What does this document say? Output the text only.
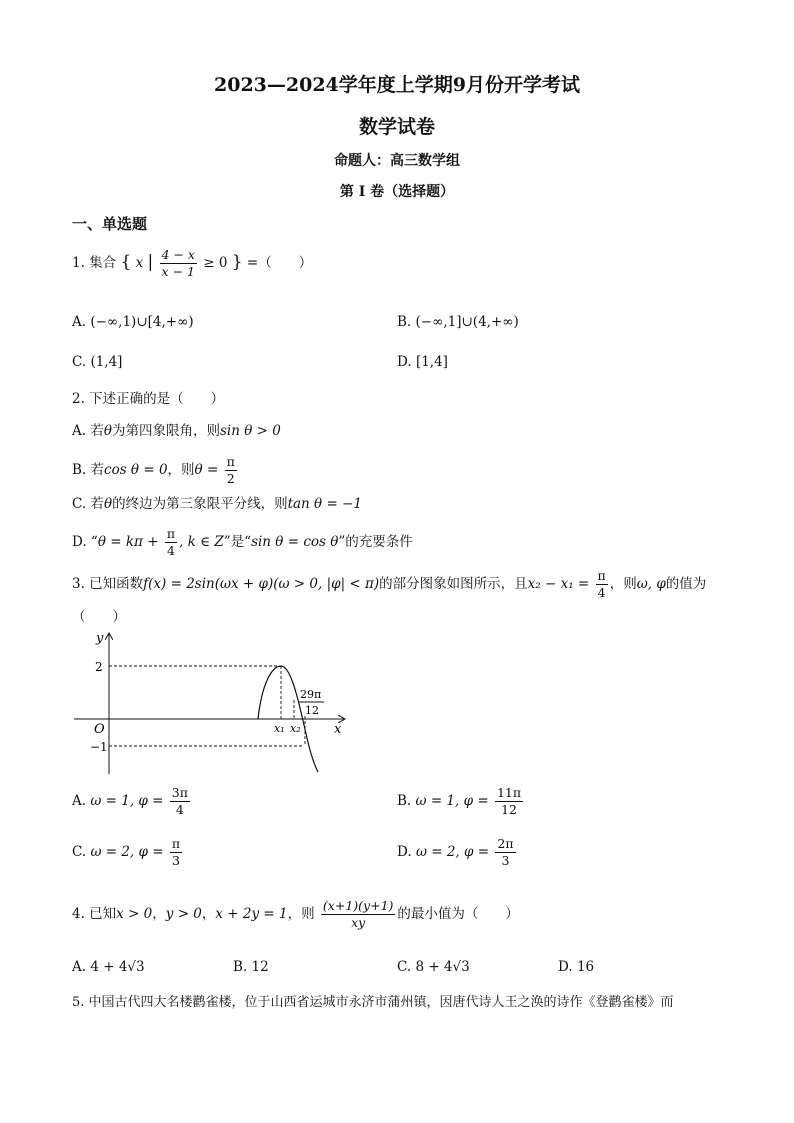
2023—2024学年度上学期9月份开学考试
数学试卷
命题人：高三数学组
第 I 卷（选择题）
一、单选题
1. 集合 { x | $\frac{4 - x}{x - 1} \ge 0$ } =（　　）
A. (−∞,1)∪[4,+∞)	B. (−∞,1]∪(4,+∞)
C. (1,4]	D. [1,4]
2. 下述正确的是（　　）
A. 若θ为第四象限角，则sin θ > 0
B. 若cos θ = 0，则$\theta = \frac{\pi}{2}$
C. 若θ的终边为第三象限平分线，则tan θ = −1
D. “$\theta = k\pi + \frac{\pi}{4}$ , k ∈ Z”是“sin θ = cos θ”的充要条件
3. 已知函数f(x) = 2sin(ωx + φ)(ω > 0, |φ| < π)的部分图象如图所示，且$x_2 - x_1 = \frac{\pi}{4}$ ，则ω, φ的值为
（　　）
y
x
O
2
−1
x₁ x₂
29π
12
A. ω = 1, $\varphi = \frac{3\pi}{4}$	B. ω = 1, $\varphi = \frac{11\pi}{12}$
C. ω = 2, $\varphi = \frac{\pi}{3}$	D. ω = 2, $\varphi = \frac{2\pi}{3}$
4. 已知x > 0，y > 0，x + 2y = 1，则 $\frac{(x+1)(y+1)}{xy}$ 的最小值为（　　）
A. 4 + 4√3	B. 12	C. 8 + 4√3	D. 16
5. 中国古代四大名楼鹳雀楼，位于山西省运城市永济市蒲州镇，因唐代诗人王之涣的诗作《登鹳雀楼》而
